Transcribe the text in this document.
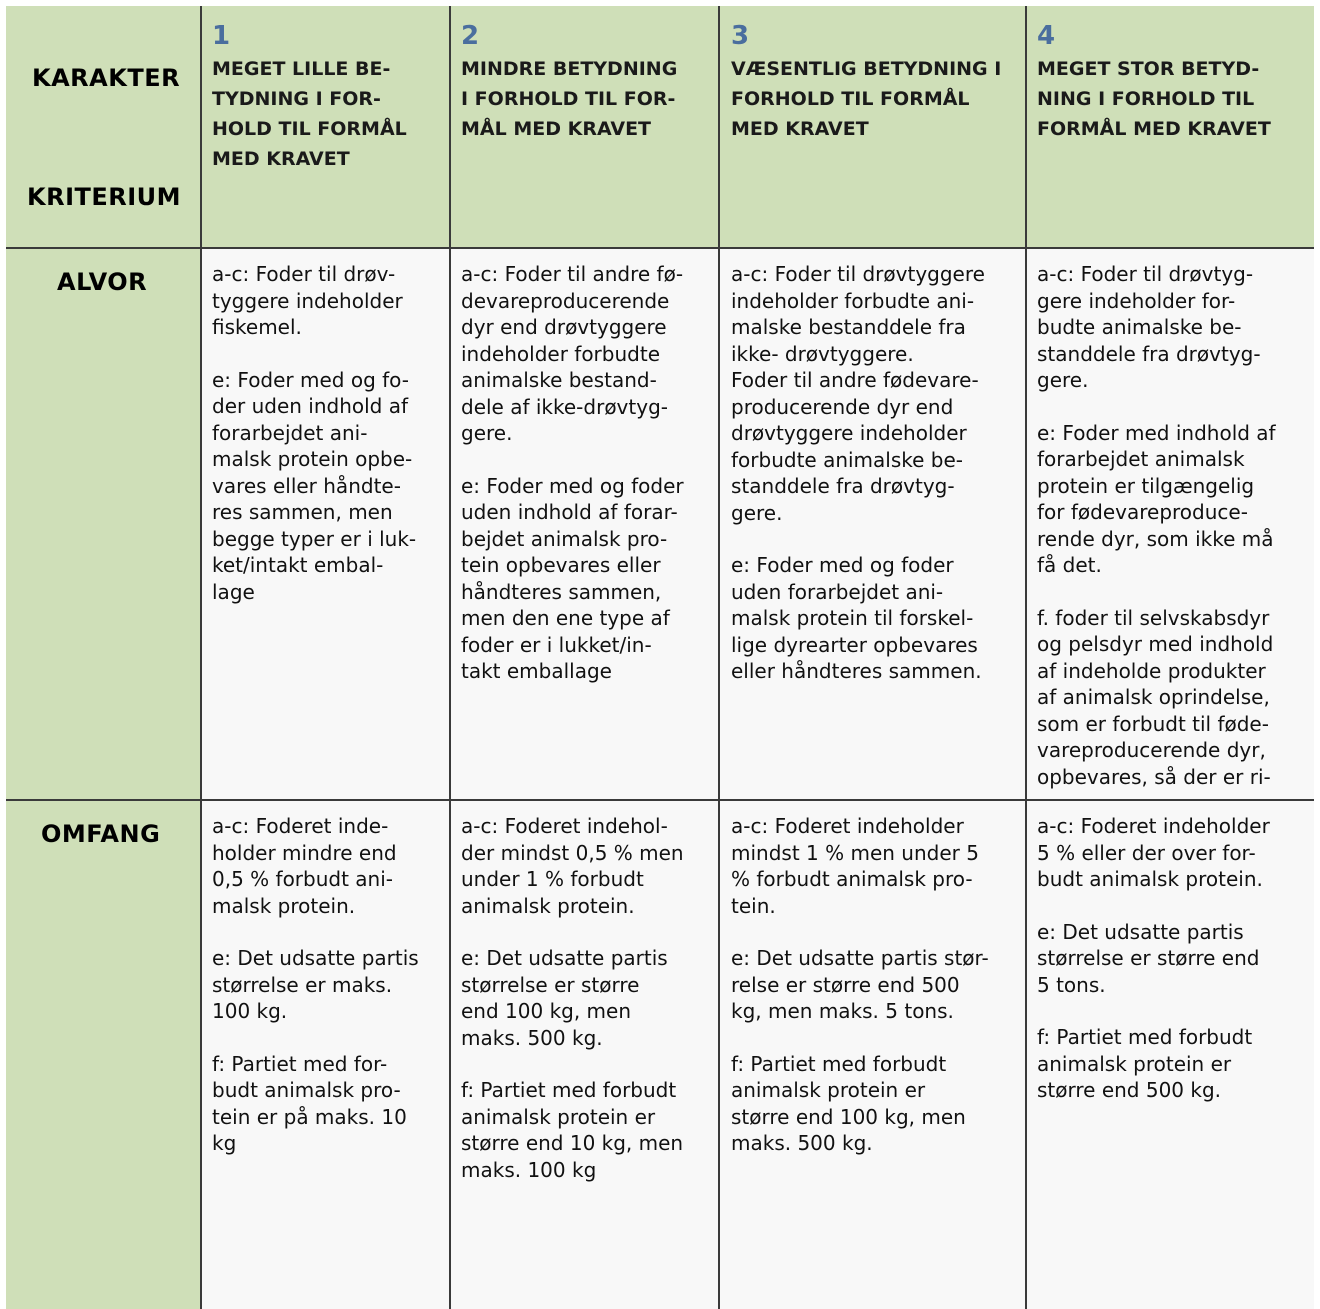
KARAKTER
KRITERIUM
1
MEGET LILLE BE-
TYDNING I FOR-
HOLD TIL FORMÅL
MED KRAVET
2
MINDRE BETYDNING
I FORHOLD TIL FOR-
MÅL MED KRAVET
3
VÆSENTLIG BETYDNING I
FORHOLD TIL FORMÅL
MED KRAVET
4
MEGET STOR BETYD-
NING I FORHOLD TIL
FORMÅL MED KRAVET
ALVOR
OMFANG

a-c: Foder til drøv-
tyggere indeholder
fiskemel.

e: Foder med og fo-
der uden indhold af
forarbejdet ani-
malsk protein opbe-
vares eller håndte-
res sammen, men
begge typer er i luk-
ket/intakt embal-
lage

a-c: Foder til andre fø-
devareproducerende
dyr end drøvtyggere
indeholder forbudte
animalske bestand-
dele af ikke-drøvtyg-
gere.

e: Foder med og foder
uden indhold af forar-
bejdet animalsk pro-
tein opbevares eller
håndteres sammen,
men den ene type af
foder er i lukket/in-
takt emballage

a-c: Foder til drøvtyggere
indeholder forbudte ani-
malske bestanddele fra
ikke- drøvtyggere.
Foder til andre fødevare-
producerende dyr end
drøvtyggere indeholder
forbudte animalske be-
standdele fra drøvtyg-
gere.

e: Foder med og foder
uden forarbejdet ani-
malsk protein til forskel-
lige dyrearter opbevares
eller håndteres sammen.

a-c: Foder til drøvtyg-
gere indeholder for-
budte animalske be-
standdele fra drøvtyg-
gere.

e: Foder med indhold af
forarbejdet animalsk
protein er tilgængelig
for fødevareproduce-
rende dyr, som ikke må
få det.

f. foder til selvskabsdyr
og pelsdyr med indhold
af indeholde produkter
af animalsk oprindelse,
som er forbudt til føde-
vareproducerende dyr,
opbevares, så der er ri-

a-c: Foderet inde-
holder mindre end
0,5 % forbudt ani-
malsk protein.

e: Det udsatte partis
størrelse er maks.
100 kg.

f: Partiet med for-
budt animalsk pro-
tein er på maks. 10
kg

a-c: Foderet indehol-
der mindst 0,5 % men
under 1 % forbudt
animalsk protein.

e: Det udsatte partis
størrelse er større
end 100 kg, men
maks. 500 kg.

f: Partiet med forbudt
animalsk protein er
større end 10 kg, men
maks. 100 kg

a-c: Foderet indeholder
mindst 1 % men under 5
% forbudt animalsk pro-
tein.

e: Det udsatte partis stør-
relse er større end 500
kg, men maks. 5 tons.

f: Partiet med forbudt
animalsk protein er
større end 100 kg, men
maks. 500 kg.

a-c: Foderet indeholder
5 % eller der over for-
budt animalsk protein.

e: Det udsatte partis
størrelse er større end
5 tons.

f: Partiet med forbudt
animalsk protein er
større end 500 kg.
